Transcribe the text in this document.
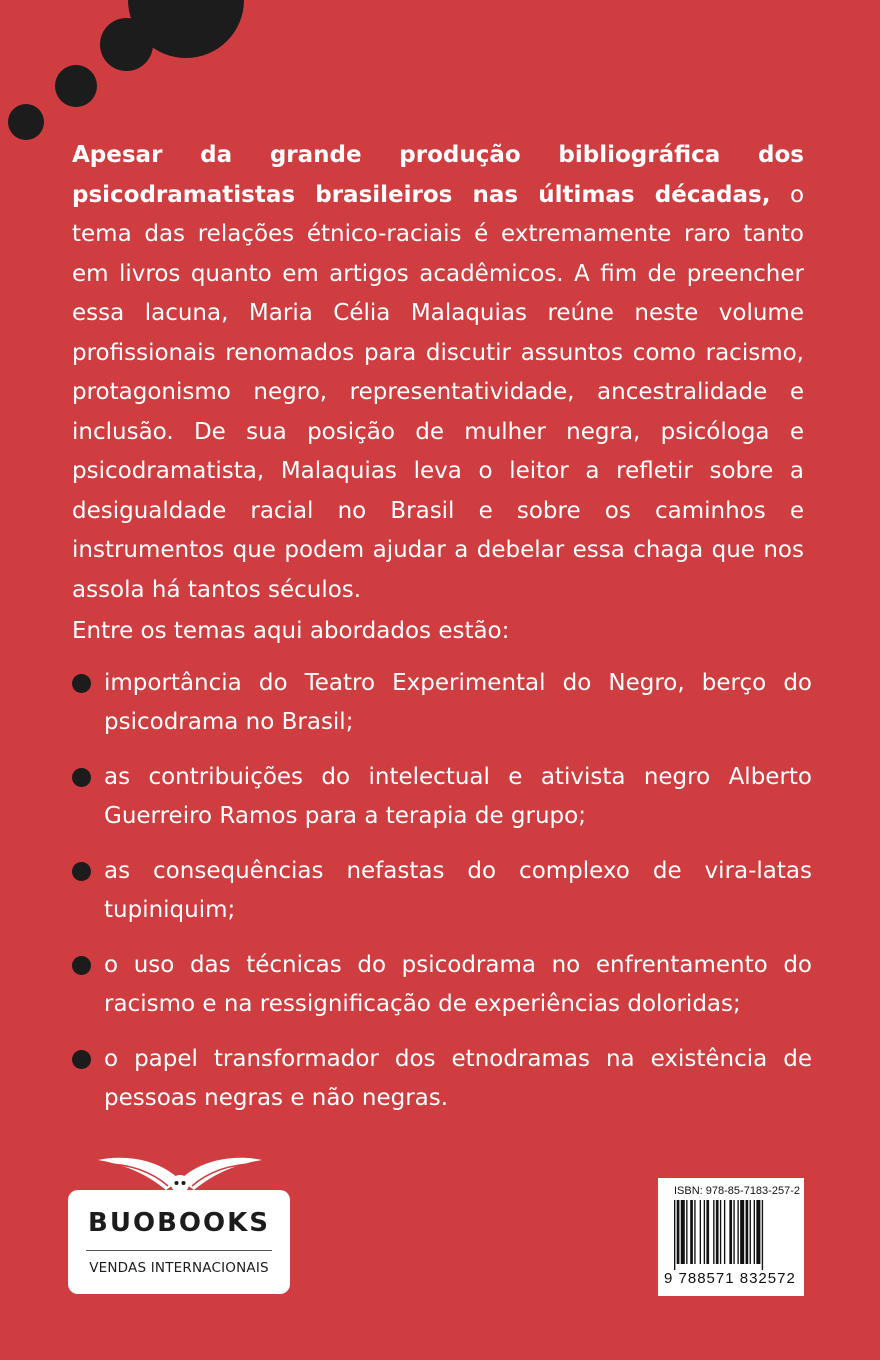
Apesar da grande produção bibliográfica dos psicodramatistas brasileiros nas últimas décadas, o tema das relações étnico-raciais é extremamente raro tanto em livros quanto em artigos acadêmicos. A fim de preencher essa lacuna, Maria Célia Malaquias reúne neste volume profissionais renomados para discutir assuntos como racismo, protagonismo negro, representatividade, ancestralidade e inclusão. De sua posição de mulher negra, psicóloga e psicodramatista, Malaquias leva o leitor a refletir sobre a desigualdade racial no Brasil e sobre os caminhos e instrumentos que podem ajudar a debelar essa chaga que nos assola há tantos séculos.

Entre os temas aqui abordados estão:

importância do Teatro Experimental do Negro, berço do psicodrama no Brasil;
as contribuições do intelectual e ativista negro Alberto Guerreiro Ramos para a terapia de grupo;
as consequências nefastas do complexo de vira-latas tupiniquim;
o uso das técnicas do psicodrama no enfrentamento do racismo e na ressignificação de experiências doloridas;
o papel transformador dos etnodramas na existência de pessoas negras e não negras.
BUOBOOKS
VENDAS INTERNACIONAIS
ISBN: 978-85-7183-257-2
9 788571 832572
